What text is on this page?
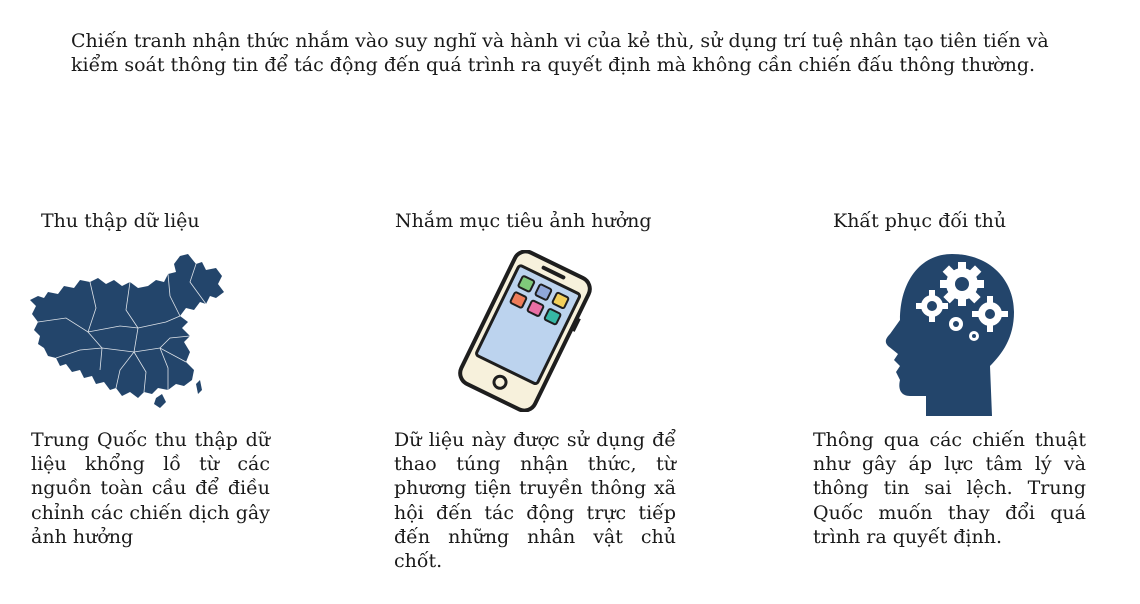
Chiến tranh nhận thức nhắm vào suy nghĩ và hành vi của kẻ thù, sử dụng trí tuệ nhân tạo tiên tiến và kiểm soát thông tin để tác động đến quá trình ra quyết định mà không cần chiến đấu thông thường.

Thu thập dữ liệu
Trung Quốc thu thập dữ liệu khổng lồ từ các nguồn toàn cầu để điều chỉnh các chiến dịch gây ảnh hưởng
Nhắm mục tiêu ảnh hưởng
Dữ liệu này được sử dụng để thao túng nhận thức, từ phương tiện truyền thông xã hội đến tác động trực tiếp đến những nhân vật chủ chốt.
Khất phục đối thủ
Thông qua các chiến thuật như gây áp lực tâm lý và thông tin sai lệch. Trung Quốc muốn thay đổi quá trình ra quyết định.
